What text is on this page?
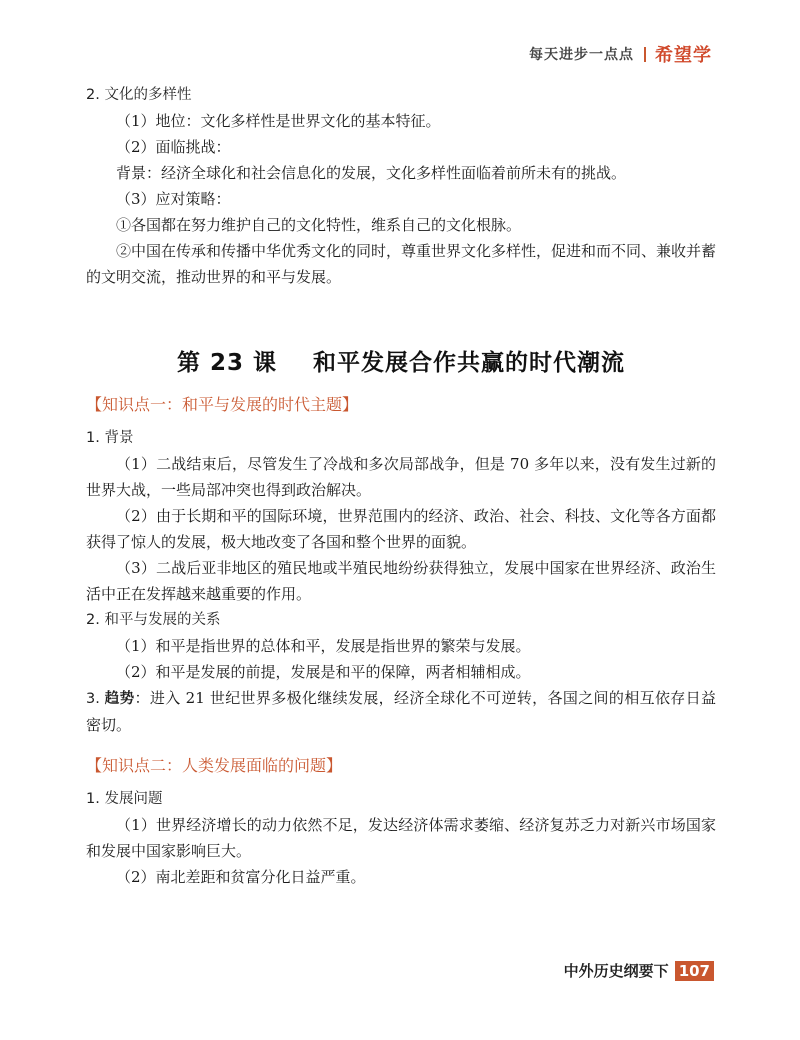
每天进步一点点 希望学

2. 文化的多样性

（1）地位：文化多样性是世界文化的基本特征。

（2）面临挑战：

背景：经济全球化和社会信息化的发展，文化多样性面临着前所未有的挑战。

（3）应对策略：

①各国都在努力维护自己的文化特性，维系自己的文化根脉。

②中国在传承和传播中华优秀文化的同时，尊重世界文化多样性，促进和而不同、兼收并蓄的文明交流，推动世界的和平与发展。

第 23 课    和平发展合作共赢的时代潮流

【知识点一：和平与发展的时代主题】

1. 背景

（1）二战结束后，尽管发生了冷战和多次局部战争，但是 70 多年以来，没有发生过新的世界大战，一些局部冲突也得到政治解决。

（2）由于长期和平的国际环境，世界范围内的经济、政治、社会、科技、文化等各方面都获得了惊人的发展，极大地改变了各国和整个世界的面貌。

（3）二战后亚非地区的殖民地或半殖民地纷纷获得独立，发展中国家在世界经济、政治生活中正在发挥越来越重要的作用。

2. 和平与发展的关系

（1）和平是指世界的总体和平，发展是指世界的繁荣与发展。

（2）和平是发展的前提，发展是和平的保障，两者相辅相成。

3. 趋势：进入 21 世纪世界多极化继续发展，经济全球化不可逆转，各国之间的相互依存日益密切。

【知识点二：人类发展面临的问题】

1. 发展问题

（1）世界经济增长的动力依然不足，发达经济体需求萎缩、经济复苏乏力对新兴市场国家和发展中国家影响巨大。

（2）南北差距和贫富分化日益严重。

中外历史纲要下 107
